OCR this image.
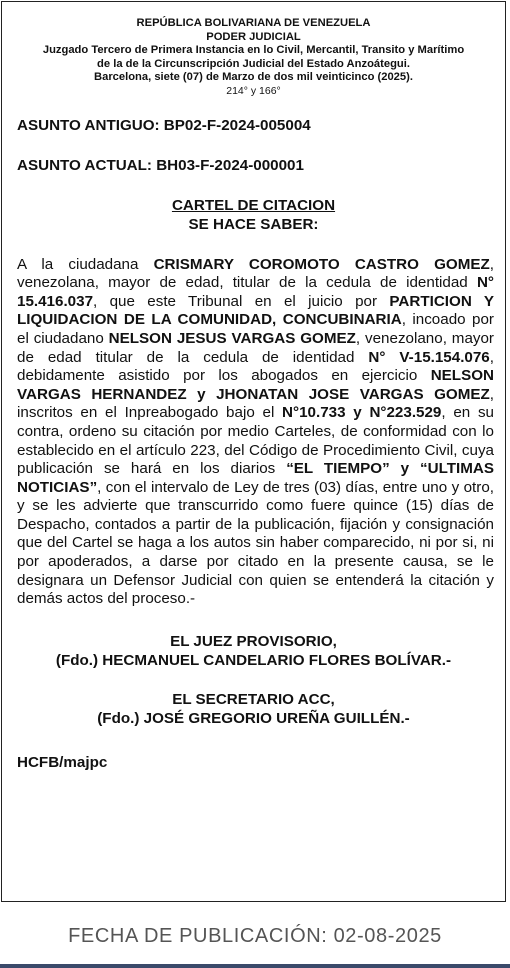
REPÚBLICA BOLIVARIANA DE VENEZUELA
PODER JUDICIAL
Juzgado Tercero de Primera Instancia en lo Civil, Mercantil, Transito y Marítimo
de la de la Circunscripción Judicial del Estado Anzoátegui.
Barcelona, siete (07) de Marzo de dos mil veinticinco (2025).
214° y 166°
ASUNTO ANTIGUO: BP02-F-2024-005004
ASUNTO ACTUAL: BH03-F-2024-000001
CARTEL DE CITACION
SE HACE SABER:
A la ciudadana CRISMARY COROMOTO CASTRO GOMEZ, venezolana, mayor de edad, titular de la cedula de identidad N° 15.416.037, que este Tribunal en el juicio por PARTICION Y LIQUIDACION DE LA COMUNIDAD, CONCUBINARIA, incoado por el ciudadano NELSON JESUS VARGAS GOMEZ, venezolano, mayor de edad titular de la cedula de identidad N° V-15.154.076, debidamente asistido por los abogados en ejercicio NELSON VARGAS HERNANDEZ y JHONATAN JOSE VARGAS GOMEZ, inscritos en el Inpreabogado bajo el N°10.733 y N°223.529, en su contra, ordeno su citación por medio Carteles, de conformidad con lo establecido en el artículo 223, del Código de Procedimiento Civil, cuya publicación se hará en los diarios “EL TIEMPO” y “ULTIMAS NOTICIAS”, con el intervalo de Ley de tres (03) días, entre uno y otro, y se les advierte que transcurrido como fuere quince (15) días de Despacho, contados a partir de la publicación, fijación y consignación que del Cartel se haga a los autos sin haber comparecido, ni por si, ni por apoderados, a darse por citado en la presente causa, se le designara un Defensor Judicial con quien se entenderá la citación y demás actos del proceso.-
EL JUEZ PROVISORIO,
(Fdo.) HECMANUEL CANDELARIO FLORES BOLÍVAR.-
EL SECRETARIO ACC,
(Fdo.) JOSÉ GREGORIO UREÑA GUILLÉN.-
HCFB/majpc
FECHA DE PUBLICACIÓN: 02-08-2025
